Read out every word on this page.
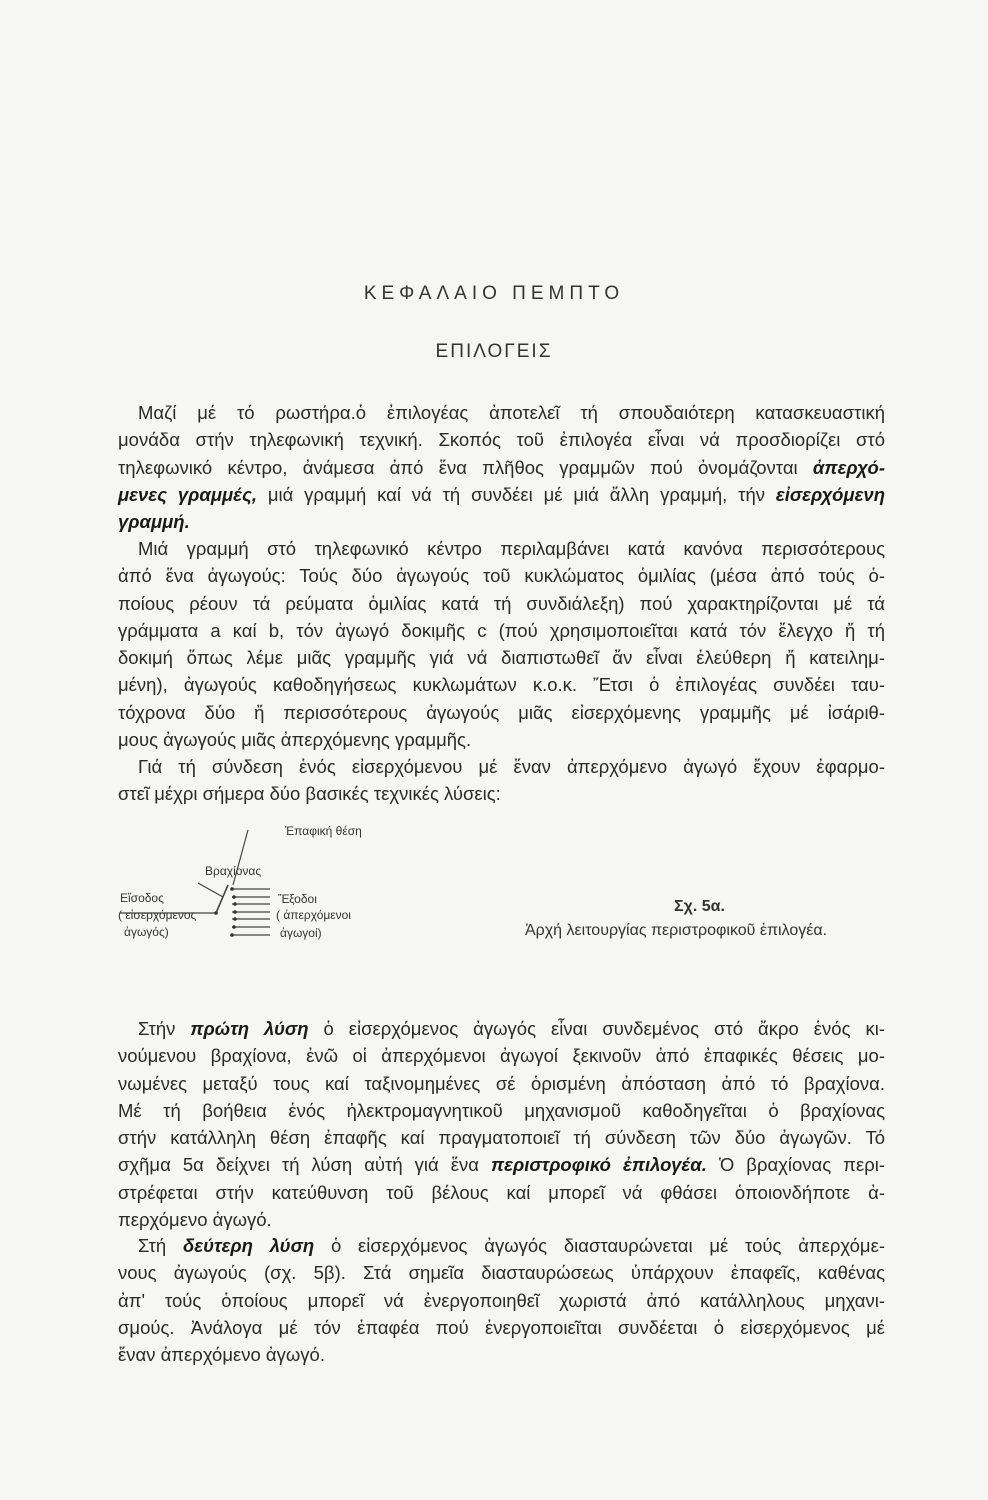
ΚΕΦΑΛΑΙΟ ΠΕΜΠΤΟ
ΕΠΙΛΟΓΕΙΣ
Μαζί μέ τό ρωστήρα.ὁ ἐπιλογέας ἀποτελεῖ τή σπουδαιότερη κατασκευαστική
μονάδα στήν τηλεφωνική τεχνική. Σκοπός τοῦ ἐπιλογέα εἶναι νά προσδιορίζει στό
τηλεφωνικό κέντρο, ἀνάμεσα ἀπό ἕνα πλῆθος γραμμῶν πού ὀνομάζονται ἀπερχό-
μενες γραμμές, μιά γραμμή καί νά τή συνδέει μέ μιά ἄλλη γραμμή, τήν εἰσερχόμενη
γραμμή.
Μιά γραμμή στό τηλεφωνικό κέντρο περιλαμβάνει κατά κανόνα περισσότερους
ἀπό ἕνα ἀγωγούς: Τούς δύο ἀγωγούς τοῦ κυκλώματος ὁμιλίας (μέσα ἀπό τούς ὁ-
ποίους ρέουν τά ρεύματα ὁμιλίας κατά τή συνδιάλεξη) πού χαρακτηρίζονται μέ τά
γράμματα a καί b, τόν ἀγωγό δοκιμῆς c (πού χρησιμοποιεῖται κατά τόν ἔλεγχο ἤ τή
δοκιμή ὅπως λέμε μιᾶς γραμμῆς γιά νά διαπιστωθεῖ ἄν εἶναι ἐλεύθερη ἤ κατειλημ-
μένη), ἀγωγούς καθοδηγήσεως κυκλωμάτων κ.ο.κ. Ἔτσι ὁ ἐπιλογέας συνδέει ταυ-
τόχρονα δύο ἤ περισσότερους ἀγωγούς μιᾶς εἰσερχόμενης γραμμῆς μέ ἰσάριθ-
μους ἀγωγούς μιᾶς ἀπερχόμενης γραμμῆς.
Γιά τή σύνδεση ἑνός εἰσερχόμενου μέ ἕναν ἀπερχόμενο ἀγωγό ἔχουν ἐφαρμο-
στεῖ μέχρι σήμερα δύο βασικές τεχνικές λύσεις:
Στήν πρώτη λύση ὁ εἰσερχόμενος ἀγωγός εἶναι συνδεμένος στό ἄκρο ἑνός κι-
νούμενου βραχίονα, ἐνῶ οἱ ἀπερχόμενοι ἀγωγοί ξεκινοῦν ἀπό ἐπαφικές θέσεις μο-
νωμένες μεταξύ τους καί ταξινομημένες σέ ὁρισμένη ἀπόσταση ἀπό τό βραχίονα.
Μέ τή βοήθεια ἑνός ἠλεκτρομαγνητικοῦ μηχανισμοῦ καθοδηγεῖται ὁ βραχίονας
στήν κατάλληλη θέση ἐπαφῆς καί πραγματοποιεῖ τή σύνδεση τῶν δύο ἀγωγῶν. Τό
σχῆμα 5α δείχνει τή λύση αὐτή γιά ἕνα περιστροφικό ἐπιλογέα. Ὁ βραχίονας περι-
στρέφεται στήν κατεύθυνση τοῦ βέλους καί μπορεῖ νά φθάσει ὁποιονδήποτε ἀ-
περχόμενο ἀγωγό.
Στή δεύτερη λύση ὁ εἰσερχόμενος ἀγωγός διασταυρώνεται μέ τούς ἀπερχόμε-
νους ἀγωγούς (σχ. 5β). Στά σημεῖα διασταυρώσεως ὑπάρχουν ἐπαφεῖς, καθένας
ἀπ' τούς ὁποίους μπορεῖ νά ἐνεργοποιηθεῖ χωριστά ἀπό κατάλληλους μηχανι-
σμούς. Ἀνάλογα μέ τόν ἐπαφέα πού ἐνεργοποιεῖται συνδέεται ὁ εἰσερχόμενος μέ
ἕναν ἀπερχόμενο ἀγωγό.
Ἐπαφική θέση
Βραχίονας
Εἴσοδος
( εἰσερχόμενος
ἀγωγός)
Ἔξοδοι
( ἀπερχόμενοι
ἀγωγοί)
Σχ. 5α.
Ἀρχή λειτουργίας περιστροφικοῦ ἐπιλογέα.
